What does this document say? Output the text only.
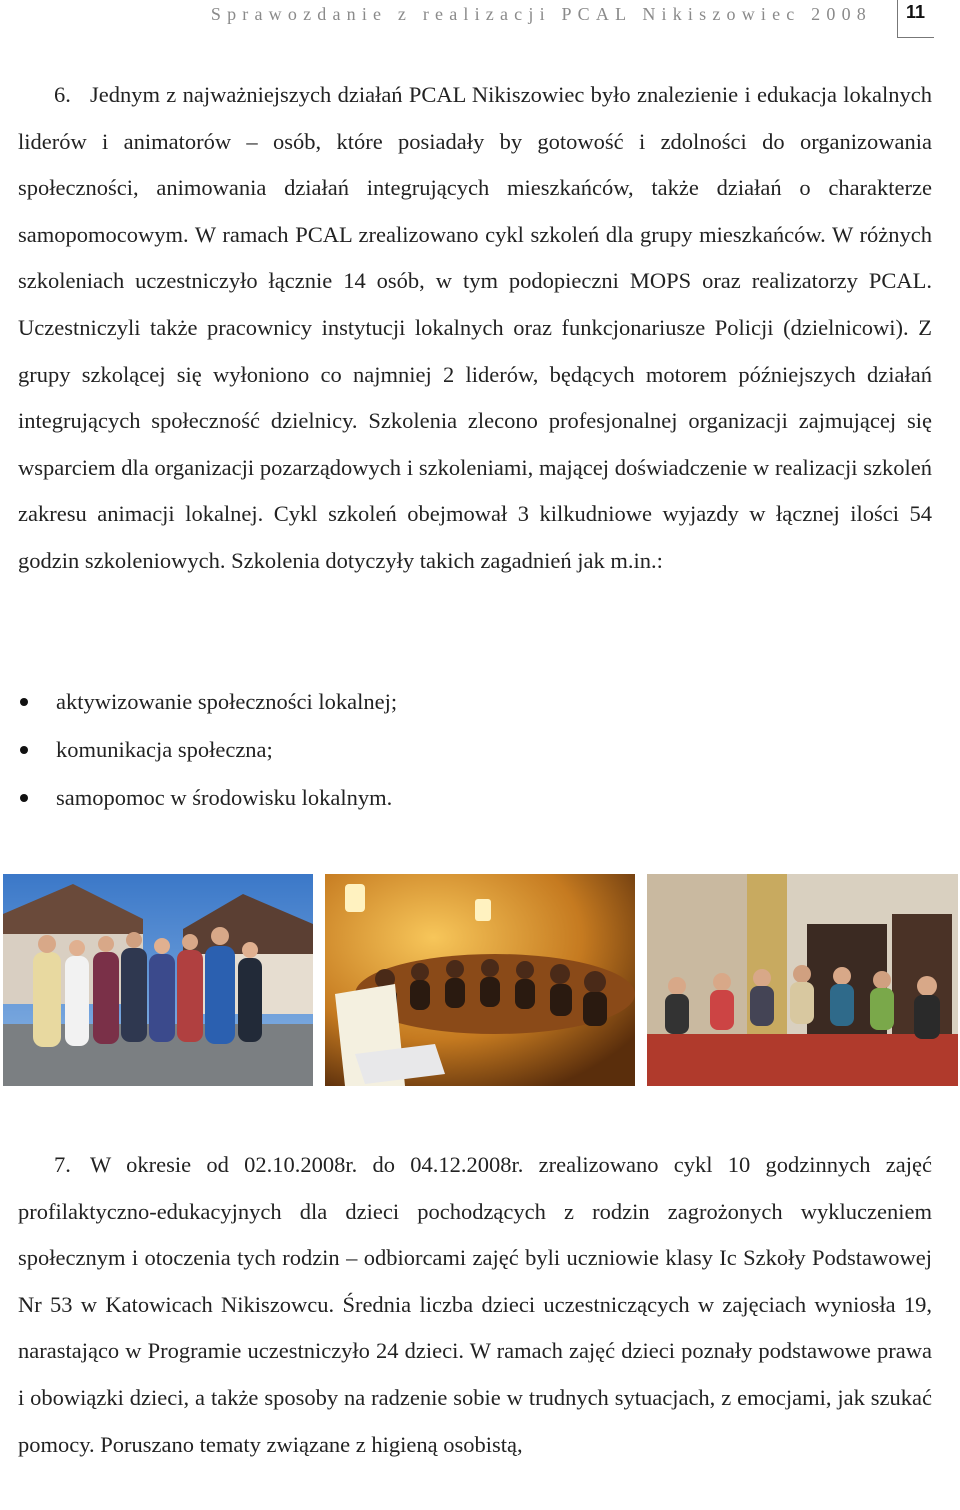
Sprawozdanie z realizacji PCAL Nikiszowiec 2008 11

6. Jednym z najważniejszych działań PCAL Nikiszowiec było znalezienie i edukacja lokalnych liderów i animatorów – osób, które posiadały by gotowość i zdolności do organizowania społeczności, animowania działań integrujących mieszkańców, także działań o charakterze samopomocowym. W ramach PCAL zrealizowano cykl szkoleń dla grupy mieszkańców. W różnych szkoleniach uczestniczyło łącznie 14 osób, w tym podopieczni MOPS oraz realizatorzy PCAL. Uczestniczyli także pracownicy instytucji lokalnych oraz funkcjonariusze Policji (dzielnicowi). Z grupy szkolącej się wyłoniono co najmniej 2 liderów, będących motorem późniejszych działań integrujących społeczność dzielnicy. Szkolenia zlecono profesjonalnej organizacji zajmującej się wsparciem dla organizacji pozarządowych i szkoleniami, mającej doświadczenie w realizacji szkoleń zakresu animacji lokalnej. Cykl szkoleń obejmował 3 kilkudniowe wyjazdy w łącznej ilości 54 godzin szkoleniowych. Szkolenia dotyczyły takich zagadnień jak m.in.:

aktywizowanie społeczności lokalnej;
komunikacja społeczna;
samopomoc w środowisku lokalnym.

7. W okresie od 02.10.2008r. do 04.12.2008r. zrealizowano cykl 10 godzinnych zajęć profilaktyczno-edukacyjnych dla dzieci pochodzących z rodzin zagrożonych wykluczeniem społecznym i otoczenia tych rodzin – odbiorcami zajęć byli uczniowie klasy Ic Szkoły Podstawowej Nr 53 w Katowicach Nikiszowcu. Średnia liczba dzieci uczestniczących w zajęciach wyniosła 19, narastająco w Programie uczestniczyło 24 dzieci. W ramach zajęć dzieci poznały podstawowe prawa i obowiązki dzieci, a także sposoby na radzenie sobie w trudnych sytuacjach, z emocjami, jak szukać pomocy. Poruszano tematy związane z higieną osobistą,
